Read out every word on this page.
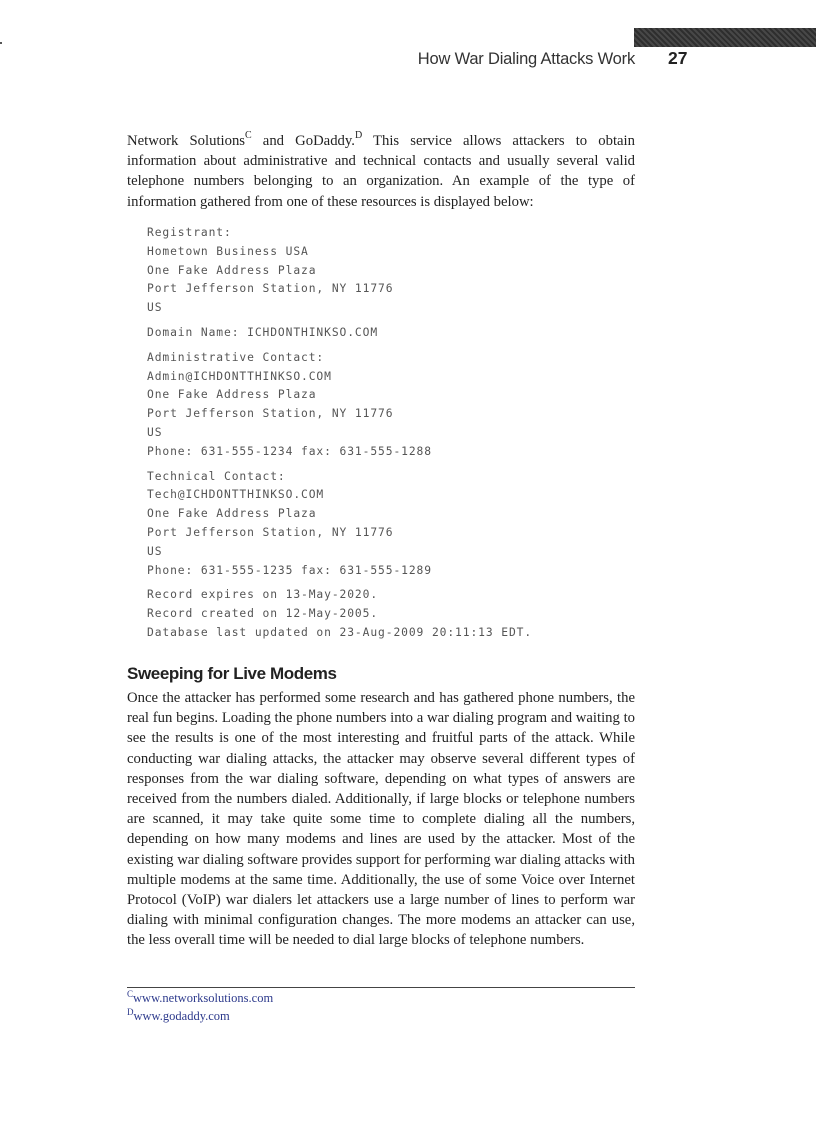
How War Dialing Attacks Work 27

Network Solutions$^C$ and GoDaddy.$^D$ This service allows attackers to obtain information about administrative and technical contacts and usually several valid telephone numbers belonging to an organization. An example of the type of information gathered from one of these resources is displayed below:

Registrant:
Hometown Business USA
One Fake Address Plaza
Port Jefferson Station, NY 11776
US
Domain Name: ICHDONTHINKSO.COM
Administrative Contact:
Admin@ICHDONTTHINKSO.COM
One Fake Address Plaza
Port Jefferson Station, NY 11776
US
Phone: 631-555-1234 fax: 631-555-1288
Technical Contact:
Tech@ICHDONTTHINKSO.COM
One Fake Address Plaza
Port Jefferson Station, NY 11776
US
Phone: 631-555-1235 fax: 631-555-1289
Record expires on 13-May-2020.
Record created on 12-May-2005.
Database last updated on 23-Aug-2009 20:11:13 EDT.
Sweeping for Live Modems

Once the attacker has performed some research and has gathered phone numbers, the real fun begins. Loading the phone numbers into a war dialing program and waiting to see the results is one of the most interesting and fruitful parts of the attack. While conducting war dialing attacks, the attacker may observe several different types of responses from the war dialing software, depending on what types of answers are received from the numbers dialed. Additionally, if large blocks or telephone numbers are scanned, it may take quite some time to complete dialing all the numbers, depending on how many modems and lines are used by the attacker. Most of the existing war dialing software provides support for performing war dialing attacks with multiple modems at the same time. Additionally, the use of some Voice over Internet Protocol (VoIP) war dialers let attackers use a large number of lines to perform war dialing with minimal configuration changes. The more modems an attacker can use, the less overall time will be needed to dial large blocks of telephone numbers.

$^C$www.networksolutions.com
$^D$www.godaddy.com
